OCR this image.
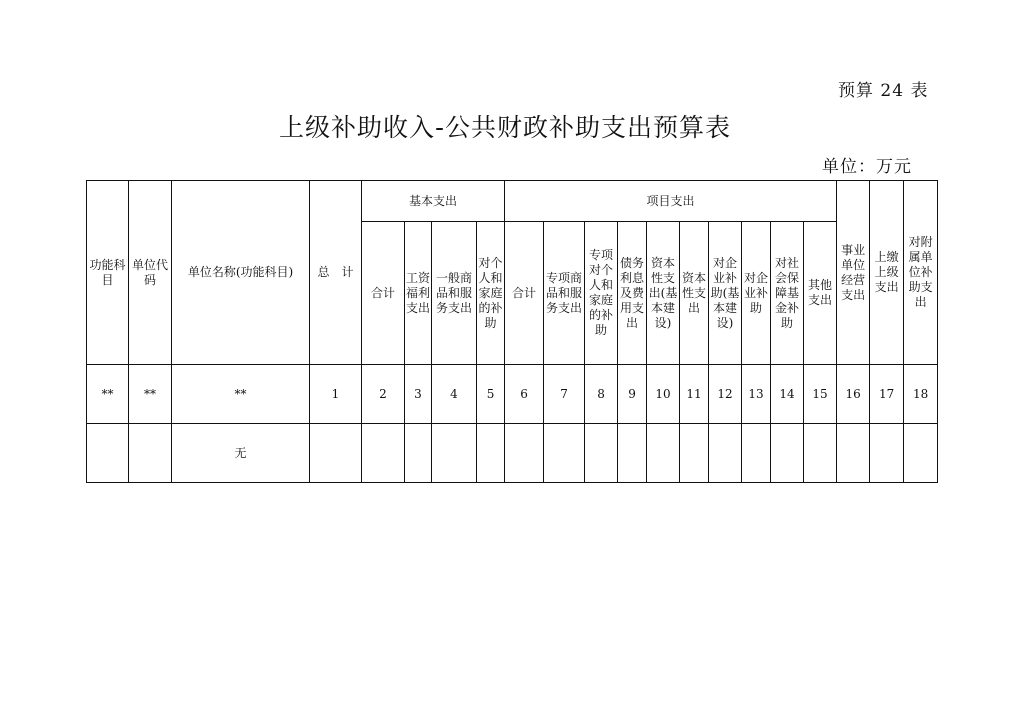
预算 24 表
上级补助收入-公共财政补助支出预算表
单位：万元
功能科目	单位代码	单位名称(功能科目)	总　计	基本支出				项目支出										事业单位经营支出	上缴上级支出	对附属单位补助支出
				合计	工资福利支出	一般商品和服务支出	对个人和家庭的补助	合计	专项商品和服务支出	专项对个人和家庭的补助	债务利息及费用支出	资本性支出(基本建设)	资本性支出	对企业补助(基本建设)	对企业补助	对社会保障基金补助	其他支出			
**	**	**	1	2	3	4	5	6	7	8	9	10	11	12	13	14	15	16	17	18
		无																		
